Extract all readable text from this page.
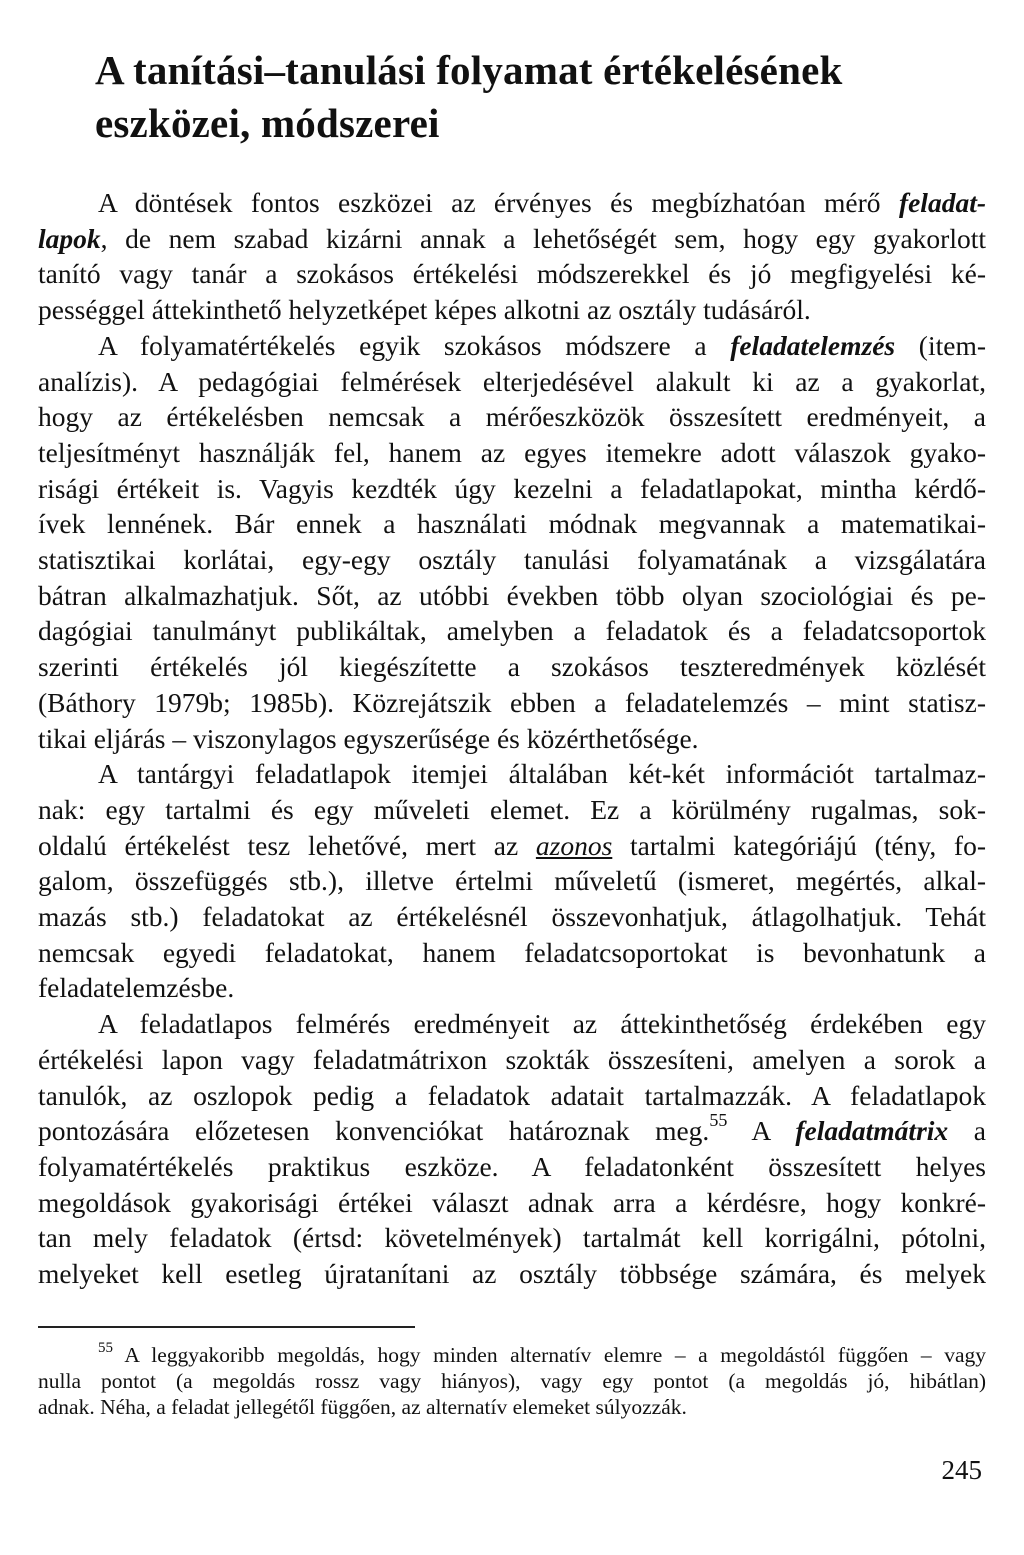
A tanítási–tanulási folyamat értékelésének
eszközei, módszerei
A döntések fontos eszközei az érvényes és megbízhatóan mérő feladat-
lapok, de nem szabad kizárni annak a lehetőségét sem, hogy egy gyakorlott
tanító vagy tanár a szokásos értékelési módszerekkel és jó megfigyelési ké-
pességgel áttekinthető helyzetképet képes alkotni az osztály tudásáról.
A folyamatértékelés egyik szokásos módszere a feladatelemzés (item-
analízis). A pedagógiai felmérések elterjedésével alakult ki az a gyakorlat,
hogy az értékelésben nemcsak a mérőeszközök összesített eredményeit, a
teljesítményt használják fel, hanem az egyes itemekre adott válaszok gyako-
risági értékeit is. Vagyis kezdték úgy kezelni a feladatlapokat, mintha kérdő-
ívek lennének. Bár ennek a használati módnak megvannak a matematikai-
statisztikai korlátai, egy-egy osztály tanulási folyamatának a vizsgálatára
bátran alkalmazhatjuk. Sőt, az utóbbi években több olyan szociológiai és pe-
dagógiai tanulmányt publikáltak, amelyben a feladatok és a feladatcsoportok
szerinti értékelés jól kiegészítette a szokásos teszteredmények közlését
(Báthory 1979b; 1985b). Közrejátszik ebben a feladatelemzés – mint statisz-
tikai eljárás – viszonylagos egyszerűsége és közérthetősége.
A tantárgyi feladatlapok itemjei általában két-két információt tartalmaz-
nak: egy tartalmi és egy műveleti elemet. Ez a körülmény rugalmas, sok-
oldalú értékelést tesz lehetővé, mert az azonos tartalmi kategóriájú (tény, fo-
galom, összefüggés stb.), illetve értelmi műveletű (ismeret, megértés, alkal-
mazás stb.) feladatokat az értékelésnél összevonhatjuk, átlagolhatjuk. Tehát
nemcsak egyedi feladatokat, hanem feladatcsoportokat is bevonhatunk a
feladatelemzésbe.
A feladatlapos felmérés eredményeit az áttekinthetőség érdekében egy
értékelési lapon vagy feladatmátrixon szokták összesíteni, amelyen a sorok a
tanulók, az oszlopok pedig a feladatok adatait tartalmazzák. A feladatlapok
pontozására előzetesen konvenciókat határoznak meg.$^{55}$ A feladatmátrix a
folyamatértékelés praktikus eszköze. A feladatonként összesített helyes
megoldások gyakorisági értékei választ adnak arra a kérdésre, hogy konkré-
tan mely feladatok (értsd: követelmények) tartalmát kell korrigálni, pótolni,
melyeket kell esetleg újratanítani az osztály többsége számára, és melyek
$^{55}$ A leggyakoribb megoldás, hogy minden alternatív elemre – a megoldástól függően – vagy
nulla pontot (a megoldás rossz vagy hiányos), vagy egy pontot (a megoldás jó, hibátlan)
adnak. Néha, a feladat jellegétől függően, az alternatív elemeket súlyozzák.
245
